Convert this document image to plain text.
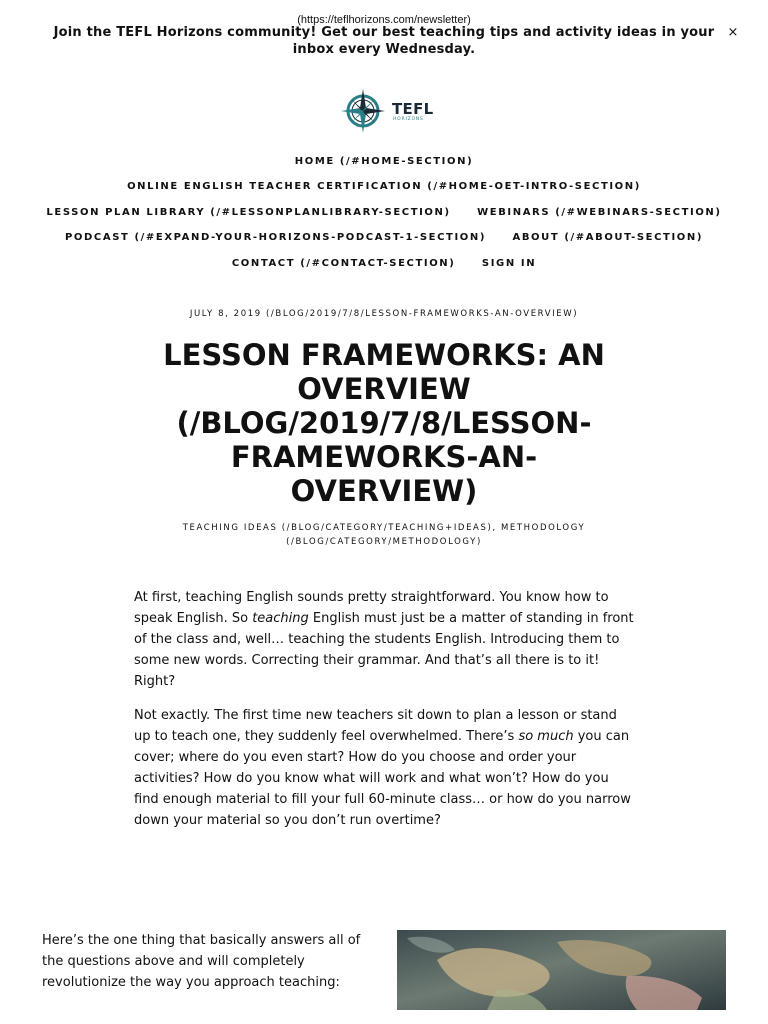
(https://teflhorizons.com/newsletter)
Join the TEFL Horizons community! Get our best teaching tips and activity ideas in your inbox every Wednesday.
×
TEFL
HORIZONS
HOME (/#HOME-SECTION)
ONLINE ENGLISH TEACHER CERTIFICATION (/#HOME-OET-INTRO-SECTION)
LESSON PLAN LIBRARY (/#LESSONPLANLIBRARY-SECTION)	WEBINARS (/#WEBINARS-SECTION)
PODCAST (/#EXPAND-YOUR-HORIZONS-PODCAST-1-SECTION)	ABOUT (/#ABOUT-SECTION)
CONTACT (/#CONTACT-SECTION)	SIGN IN
JULY 8, 2019 (/BLOG/2019/7/8/LESSON-FRAMEWORKS-AN-OVERVIEW)
LESSON FRAMEWORKS: AN
OVERVIEW
(/BLOG/2019/7/8/LESSON-
FRAMEWORKS-AN-
OVERVIEW)
TEACHING IDEAS (/BLOG/CATEGORY/TEACHING+IDEAS), METHODOLOGY (/BLOG/CATEGORY/METHODOLOGY)

At first, teaching English sounds pretty straightforward. You know how to speak English. So teaching English must just be a matter of standing in front of the class and, well… teaching the students English. Introducing them to some new words. Correcting their grammar. And that’s all there is to it! Right?

Not exactly. The first time new teachers sit down to plan a lesson or stand up to teach one, they suddenly feel overwhelmed. There’s so much you can cover; where do you even start? How do you choose and order your activities? How do you know what will work and what won’t? How do you find enough material to fill your full 60-minute class… or how do you narrow down your material so you don’t run overtime?

Here’s the one thing that basically answers all of the questions above and will completely revolutionize the way you approach teaching:
